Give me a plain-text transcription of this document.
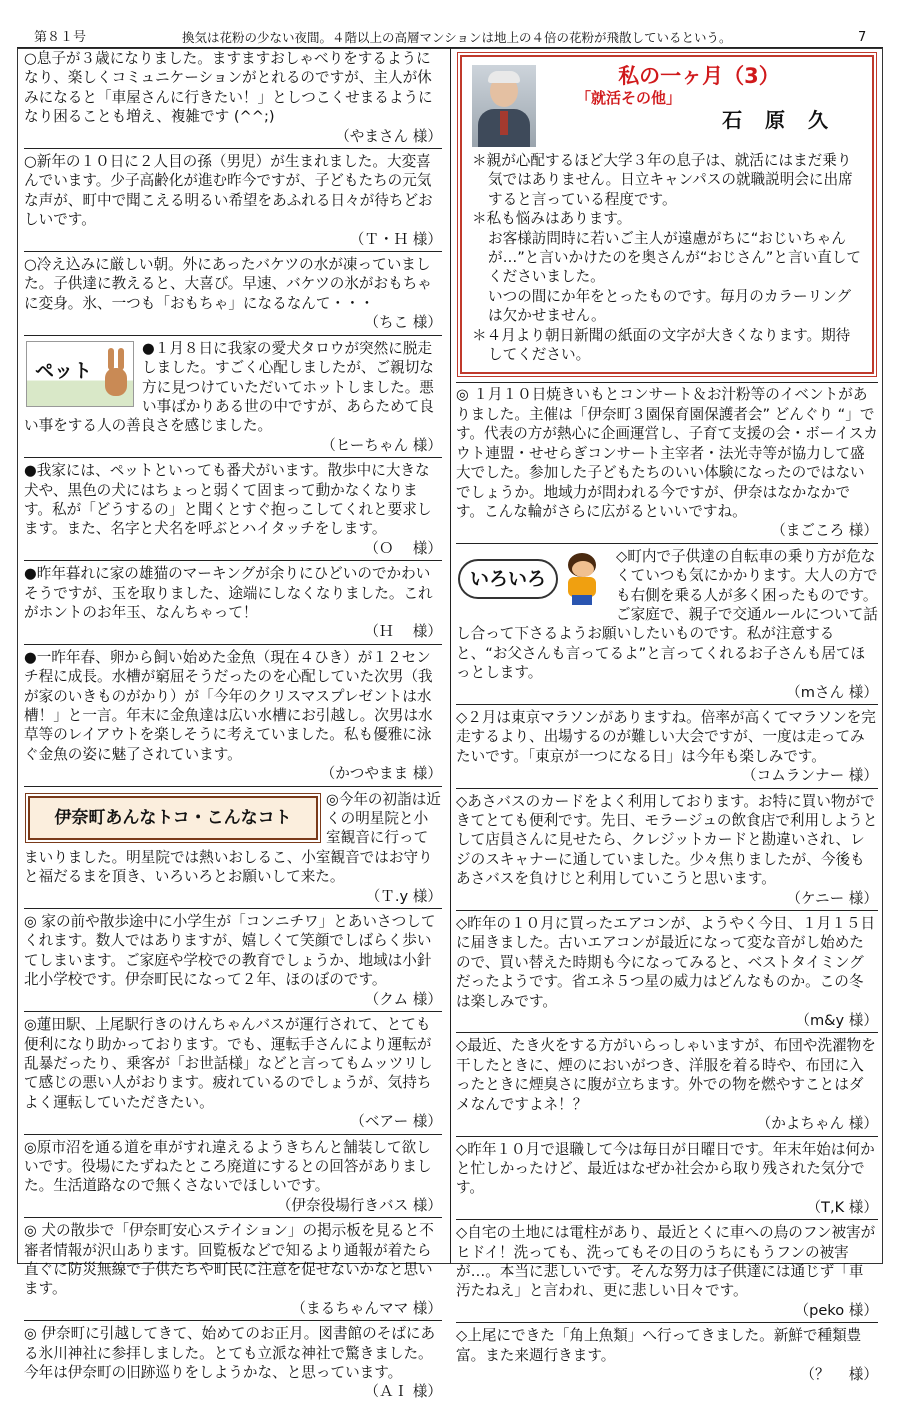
第８１号	換気は花粉の少ない夜間。４階以上の高層マンションは地上の４倍の花粉が飛散しているという。	7
○息子が３歳になりました。ますますおしゃべりをするようになり、楽しくコミュニケーションがとれるのですが、主人が休みになると「車屋さんに行きたい！」としつこくせまるようになり困ることも増え、複雑です (^^;)
（やまさん 様）
○新年の１０日に２人目の孫（男児）が生まれました。大変喜んでいます。少子高齢化が進む昨今ですが、子どもたちの元気な声が、町中で聞こえる明るい希望をあふれる日々が待ちどおしいです。
（Ｔ・Ｈ 様）
○冷え込みに厳しい朝。外にあったバケツの水が凍っていました。子供達に教えると、大喜び。早速、バケツの氷がおもちゃに変身。氷、一つも「おもちゃ」になるなんて・・・
（ちこ 様）
ペット
●１月８日に我家の愛犬タロウが突然に脱走しました。すごく心配しましたが、ご親切な方に見つけていただいてホットしました。悪い事ばかりある世の中ですが、あらためて良い事をする人の善良さを感じました。
（ヒーちゃん 様）
●我家には、ペットといっても番犬がいます。散歩中に大きな犬や、黒色の犬にはちょっと弱くて固まって動かなくなります。私が「どうするの」と聞くとすぐ抱っこしてくれと要求します。また、名字と犬名を呼ぶとハイタッチをします。
（Ｏ　 様）
●昨年暮れに家の雄猫のマーキングが余りにひどいのでかわいそうですが、玉を取りました、途端にしなくなりました。これがホントのお年玉、なんちゃって！
（Ｈ　 様）
●一昨年春、卵から飼い始めた金魚（現在４ひき）が１２センチ程に成長。水槽が窮屈そうだったのを心配していた次男（我が家のいきものがかり）が「今年のクリスマスプレゼントは水槽！」と一言。年末に金魚達は広い水槽にお引越し。次男は水草等のレイアウトを楽しそうに考えていました。私も優雅に泳ぐ金魚の姿に魅了されています。
（かつやまま 様）
伊奈町あんなトコ・こんなコト
◎今年の初詣は近くの明星院と小室観音に行ってまいりました。明星院では熱いおしるこ、小室観音ではお守りと福だるまを頂き、いろいろとお願いして来た。
（Ｔ.y 様）
◎ 家の前や散歩途中に小学生が「コンニチワ」とあいさつしてくれます。数人ではありますが、嬉しくて笑顔でしばらく歩いてしまいます。ご家庭や学校での教育でしょうか、地域は小針北小学校です。伊奈町民になって２年、ほのぼのです。
（クム 様）
◎蓮田駅、上尾駅行きのけんちゃんバスが運行されて、とても便利になり助かっております。でも、運転手さんにより運転が乱暴だったり、乗客が「お世話様」などと言ってもムッツリして感じの悪い人がおります。疲れているのでしょうが、気持ちよく運転していただきたい。
（ベアー 様）
◎原市沼を通る道を車がすれ違えるようきちんと舗装して欲しいです。役場にたずねたところ廃道にするとの回答がありました。生活道路なので無くさないでほしいです。
（伊奈役場行きバス 様）
◎ 犬の散歩で「伊奈町安心ステイション」の掲示板を見ると不審者情報が沢山あります。回覧板などで知るより通報が着たら直ぐに防災無線で子供たちや町民に注意を促せないかなと思います。
（まるちゃんママ 様）
◎ 伊奈町に引越してきて、始めてのお正月。図書館のそばにある氷川神社に参拝しました。とても立派な神社で驚きました。今年は伊奈町の旧跡巡りをしようかな、と思っています。
（ＡＩ 様）
私の一ヶ月（3）
「就活その他」
石 原 久
＊親が心配するほど大学３年の息子は、就活にはまだ乗り気ではありません。日立キャンパスの就職説明会に出席すると言っている程度です。
＊私も悩みはあります。
お客様訪問時に若いご主人が遠慮がちに“おじいちゃんが…”と言いかけたのを奥さんが“おじさん”と言い直してくださいました。
いつの間にか年をとったものです。毎月のカラーリングは欠かせません。
＊４月より朝日新聞の紙面の文字が大きくなります。期待してください。
◎ １月１０日焼きいもとコンサート＆お汁粉等のイベントがありました。主催は「伊奈町３園保育園保護者会” どんぐり “」です。代表の方が熱心に企画運営し、子育て支援の会・ボーイスカウト連盟・せせらぎコンサート主宰者・法光寺等が協力して盛大でした。参加した子どもたちのいい体験になったのではないでしょうか。地域力が問われる今ですが、伊奈はなかなかです。こんな輪がさらに広がるといいですね。
（まごころ 様）
いろいろ
◇町内で子供達の自転車の乗り方が危なくていつも気にかかります。大人の方でも右側を乗る人が多く困ったものです。ご家庭で、親子で交通ルールについて話し合って下さるようお願いしたいものです。私が注意すると、“お父さんも言ってるよ”と言ってくれるお子さんも居てほっとします。
（mさん 様）
◇２月は東京マラソンがありますね。倍率が高くてマラソンを完走するより、出場するのが難しい大会ですが、一度は走ってみたいです。「東京が一つになる日」は今年も楽しみです。
（コムランナー 様）
◇あさバスのカードをよく利用しております。お特に買い物ができてとても便利です。先日、モラージュの飲食店で利用しようとして店員さんに見せたら、クレジットカードと勘違いされ、レジのスキャナーに通していました。少々焦りましたが、今後もあさバスを負けじと利用していこうと思います。
（ケニー 様）
◇昨年の１０月に買ったエアコンが、ようやく今日、１月１５日に届きました。古いエアコンが最近になって変な音がし始めたので、買い替えた時期も今になってみると、ベストタイミングだったようです。省エネ５つ星の威力はどんなものか。この冬は楽しみです。
（m&y 様）
◇最近、たき火をする方がいらっしゃいますが、布団や洗濯物を干したときに、煙のにおいがつき、洋服を着る時や、布団に入ったときに煙臭さに腹が立ちます。外での物を燃やすことはダメなんですよネ！？
（かよちゃん 様）
◇昨年１０月で退職して今は毎日が日曜日です。年末年始は何かと忙しかったけど、最近はなぜか社会から取り残された気分です。
（T,K 様）
◇自宅の土地には電柱があり、最近とくに車への鳥のフン被害がヒドイ！洗っても、洗ってもその日のうちにもうフンの被害が…。本当に悲しいです。そんな努力は子供達には通じず「車汚たねえ」と言われ、更に悲しい日々です。
（peko 様）
◇上尾にできた「角上魚類」へ行ってきました。新鮮で種類豊富。また来週行きます。
（？　 様）
